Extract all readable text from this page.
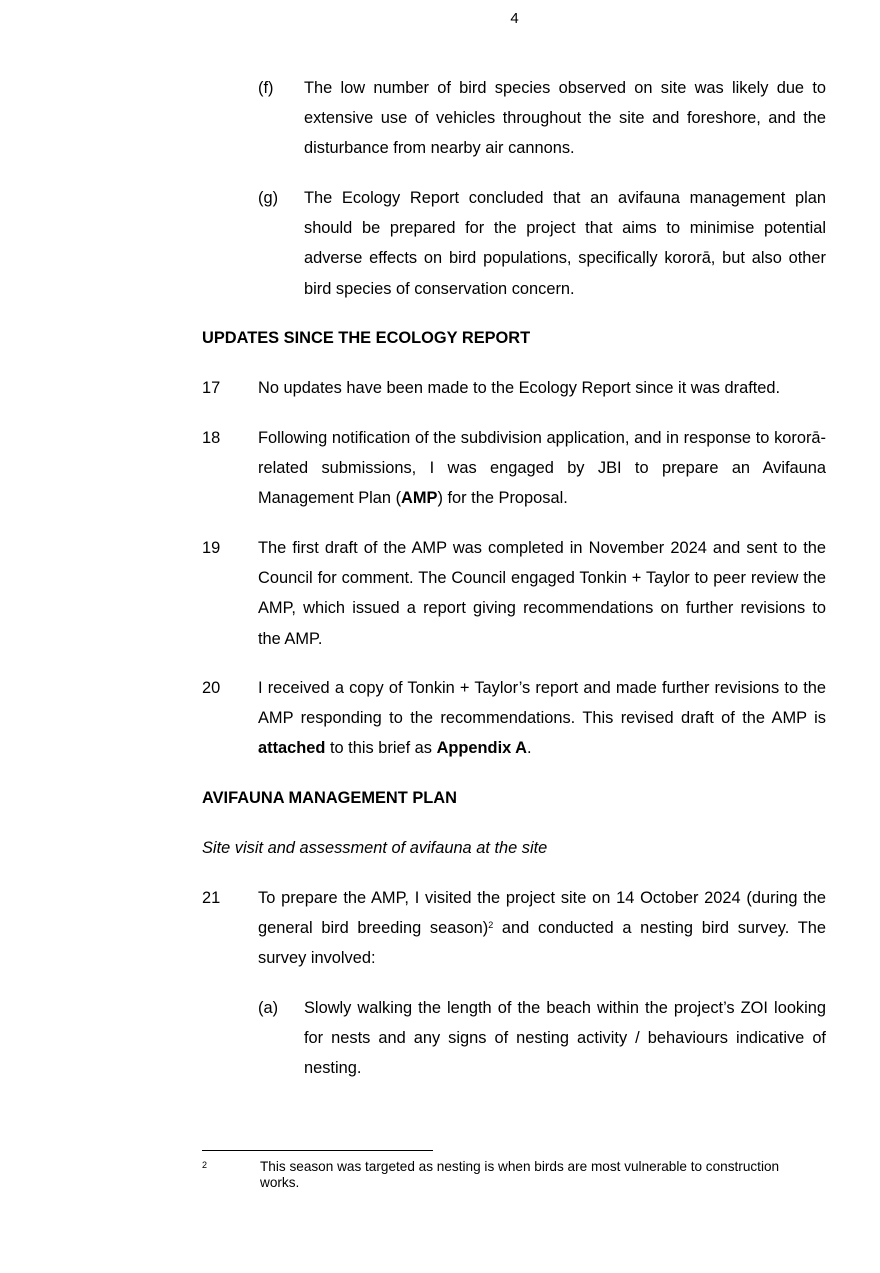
4
(f) The low number of bird species observed on site was likely due to extensive use of vehicles throughout the site and foreshore, and the disturbance from nearby air cannons.
(g) The Ecology Report concluded that an avifauna management plan should be prepared for the project that aims to minimise potential adverse effects on bird populations, specifically kororā, but also other bird species of conservation concern.
UPDATES SINCE THE ECOLOGY REPORT
17 No updates have been made to the Ecology Report since it was drafted.
18 Following notification of the subdivision application, and in response to kororā-related submissions, I was engaged by JBI to prepare an Avifauna Management Plan (AMP) for the Proposal.
19 The first draft of the AMP was completed in November 2024 and sent to the Council for comment. The Council engaged Tonkin + Taylor to peer review the AMP, which issued a report giving recommendations on further revisions to the AMP.
20 I received a copy of Tonkin + Taylor’s report and made further revisions to the AMP responding to the recommendations. This revised draft of the AMP is attached to this brief as Appendix A.
AVIFAUNA MANAGEMENT PLAN
Site visit and assessment of avifauna at the site
21 To prepare the AMP, I visited the project site on 14 October 2024 (during the general bird breeding season)$^2$ and conducted a nesting bird survey. The survey involved:
(a) Slowly walking the length of the beach within the project’s ZOI looking for nests and any signs of nesting activity / behaviours indicative of nesting.
2	This season was targeted as nesting is when birds are most vulnerable to construction works.
